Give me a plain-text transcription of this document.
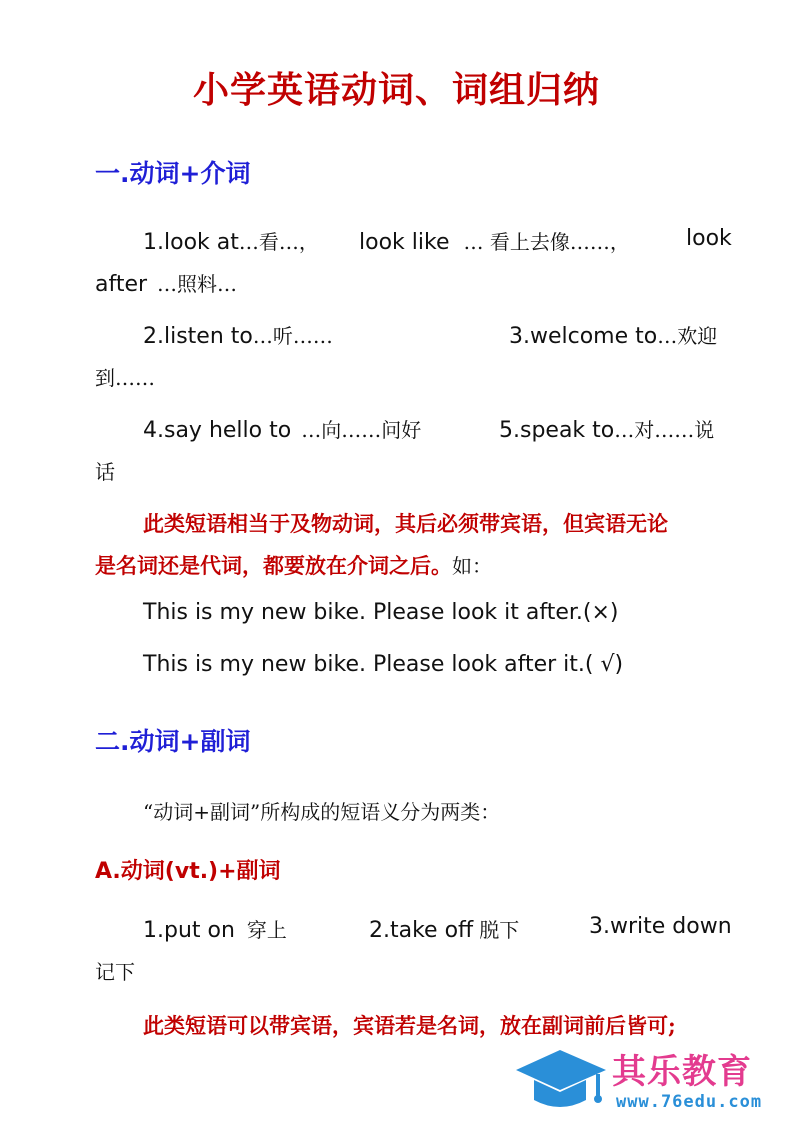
小学英语动词、词组归纳
一.动词+介词
1.look at…看…， look like … 看上去像……，	look
after …照料…
2.listen to…听……	3.welcome to…欢迎
到……
4.say hello to …向……问好	5.speak to…对……说
话
此类短语相当于及物动词，其后必须带宾语，但宾语无论
是名词还是代词，都要放在介词之后。如：
This is my new bike. Please look it after.(×)
This is my new bike. Please look after it.( √)
二.动词+副词
“动词+副词”所构成的短语义分为两类：
A.动词(vt.)+副词
1.put on 穿上	2.take off 脱下	3.write down
记下
此类短语可以带宾语，宾语若是名词，放在副词前后皆可;
其乐教育
www.76edu.com
